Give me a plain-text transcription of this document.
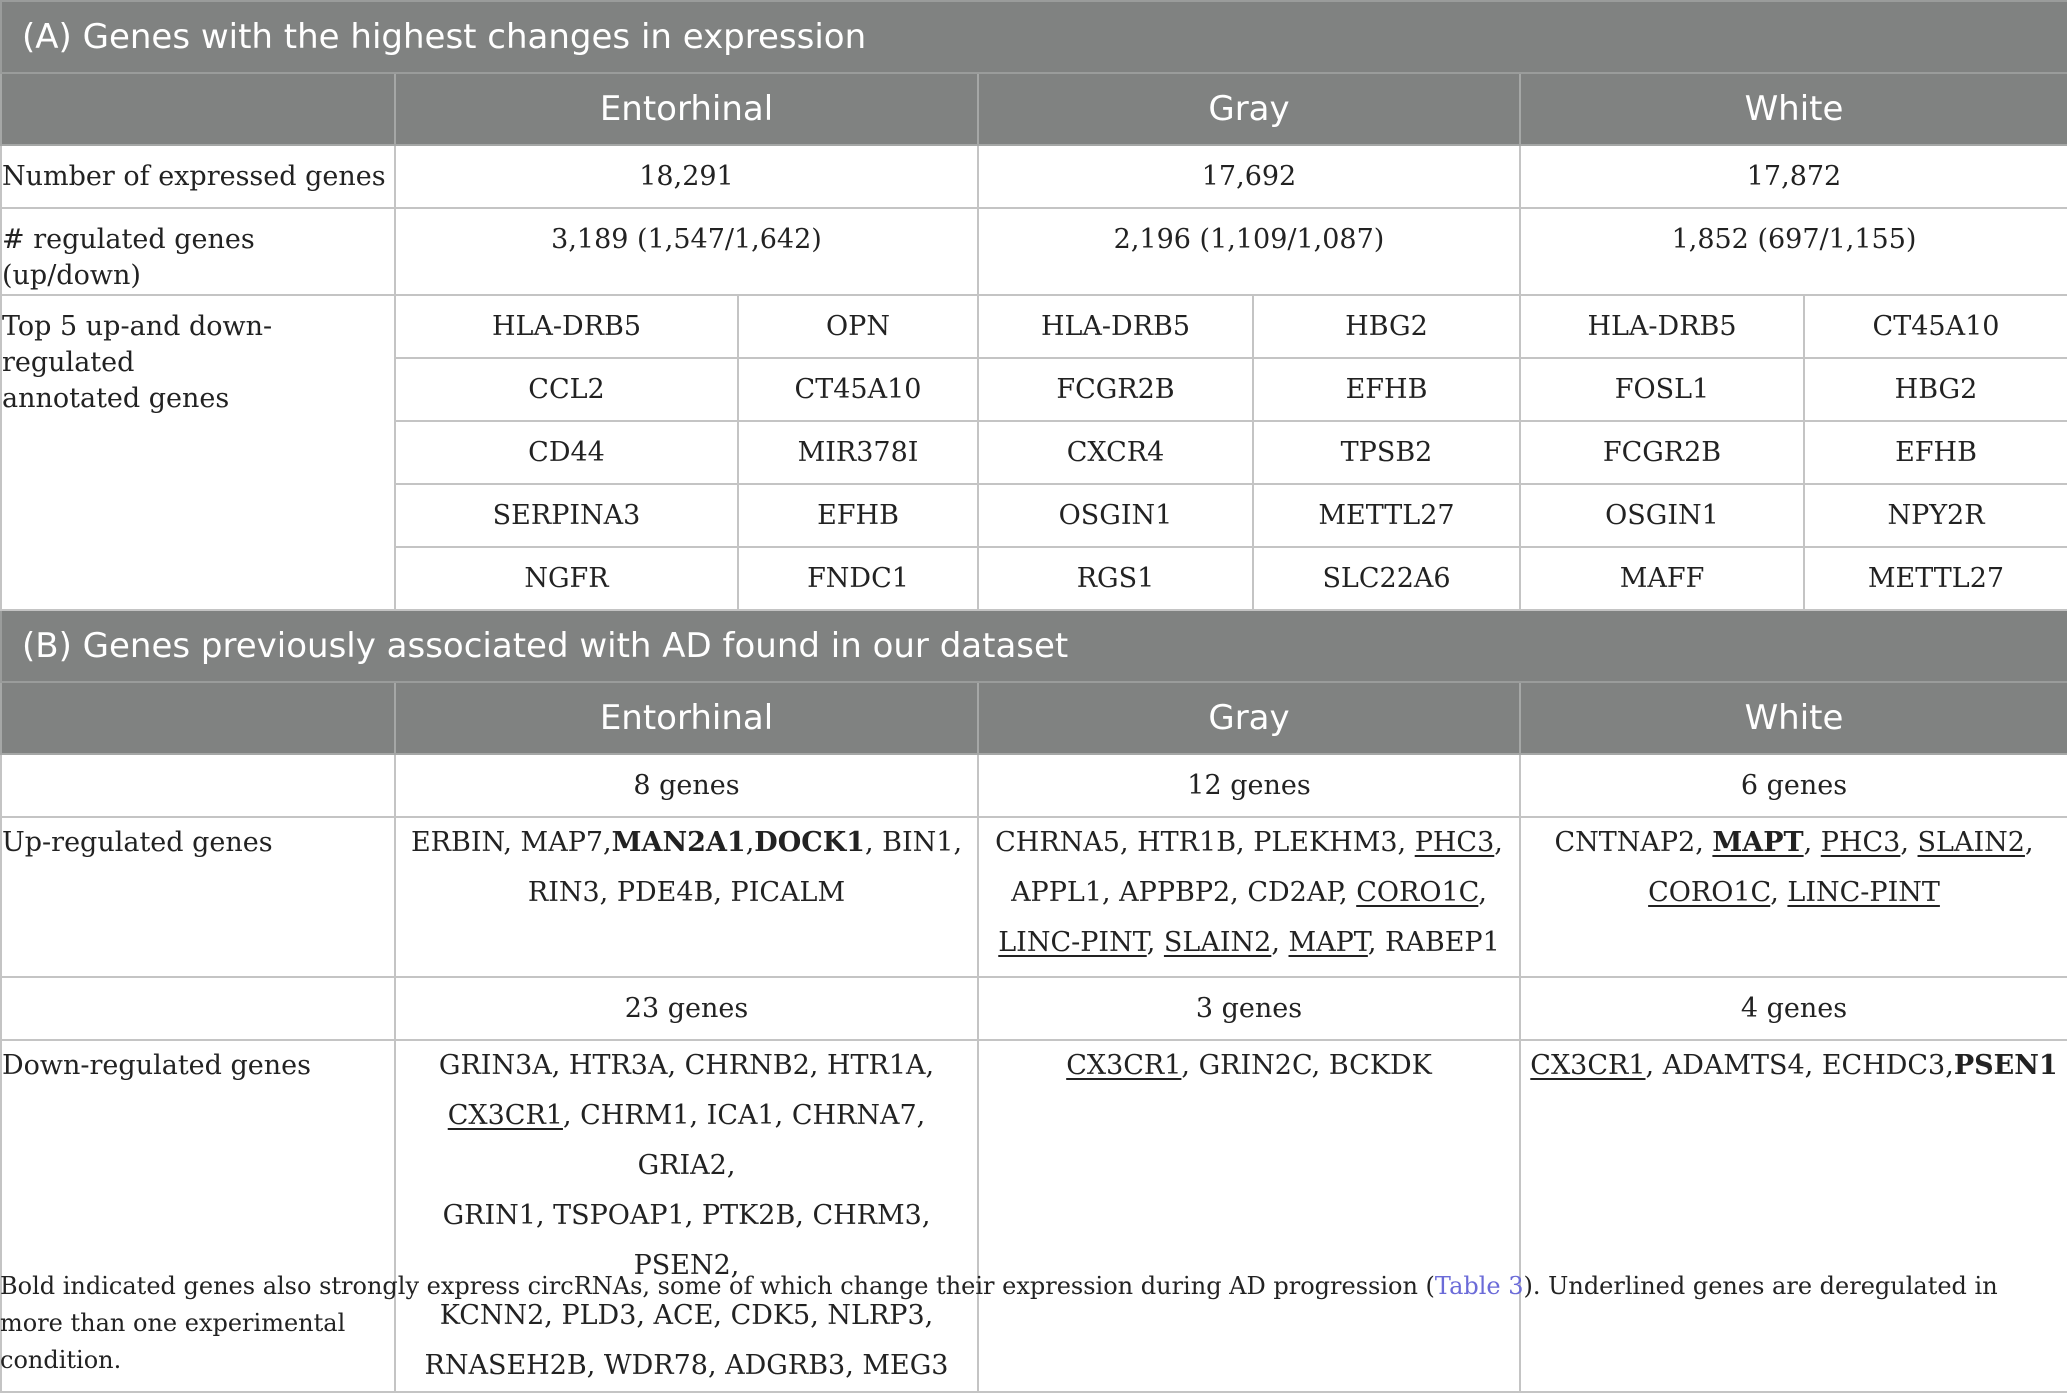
(A) Genes with the highest changes in expression						
	Entorhinal		Gray		White	
Number of expressed genes	18,291		17,692		17,872	
# regulated genes (up/down)	3,189 (1,547/1,642)		2,196 (1,109/1,087)		1,852 (697/1,155)	
Top 5 up-and down-regulated
annotated genes	HLA-DRB5	OPN	HLA-DRB5	HBG2	HLA-DRB5	CT45A10
	CCL2	CT45A10	FCGR2B	EFHB	FOSL1	HBG2
	CD44	MIR378I	CXCR4	TPSB2	FCGR2B	EFHB
	SERPINA3	EFHB	OSGIN1	METTL27	OSGIN1	NPY2R
	NGFR	FNDC1	RGS1	SLC22A6	MAFF	METTL27
(B) Genes previously associated with AD found in our dataset						
	Entorhinal		Gray		White	
	8 genes		12 genes		6 genes	

Up-regulated genes	ERBIN, MAP7,MAN2A1,DOCK1, BIN1,
RIN3, PDE4B, PICALM		CHRNA5, HTR1B, PLEKHM3, PHC3,
APPL1, APPBP2, CD2AP, CORO1C,
LINC-PINT, SLAIN2, MAPT, RABEP1		CNTNAP2, MAPT, PHC3, SLAIN2,
CORO1C, LINC-PINT	

	23 genes		3 genes		4 genes	

Down-regulated genes	GRIN3A, HTR3A, CHRNB2, HTR1A,
CX3CR1, CHRM1, ICA1, CHRNA7, GRIA2,
GRIN1, TSPOAP1, PTK2B, CHRM3, PSEN2,
KCNN2, PLD3, ACE, CDK5, NLRP3,
RNASEH2B, WDR78, ADGRB3, MEG3		CX3CR1, GRIN2C, BCKDK		CX3CR1, ADAMTS4, ECHDC3,PSEN1	
Bold indicated genes also strongly express circRNAs, some of which change their expression during AD progression (Table 3). Underlined genes are deregulated in more than one experimental
condition.
